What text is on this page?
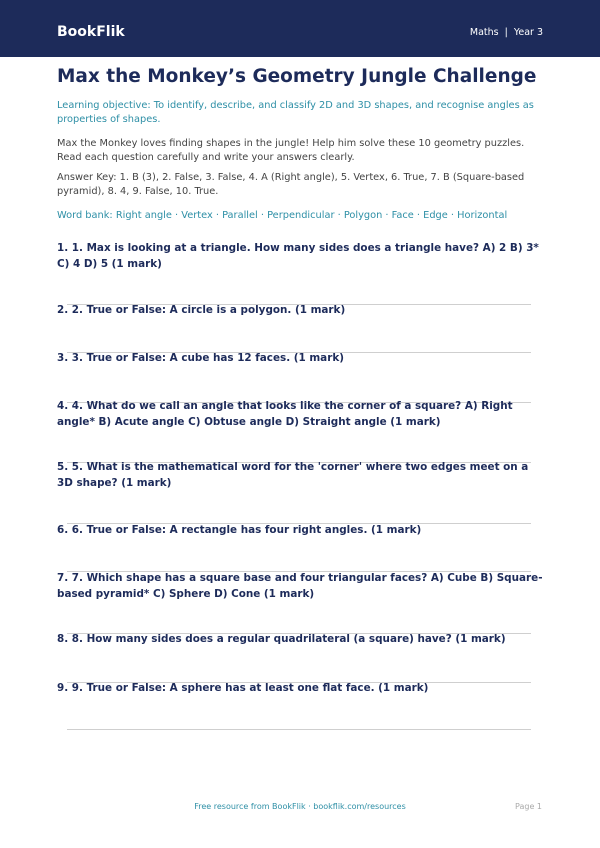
BookFlik	Maths | Year 3
Max the Monkey’s Geometry Jungle Challenge

Learning objective: To identify, describe, and classify 2D and 3D shapes, and recognise angles as properties of shapes.

Max the Monkey loves finding shapes in the jungle! Help him solve these 10 geometry puzzles. Read each question carefully and write your answers clearly.

Answer Key: 1. B (3), 2. False, 3. False, 4. A (Right angle), 5. Vertex, 6. True, 7. B (Square-based pyramid), 8. 4, 9. False, 10. True.

Word bank: Right angle · Vertex · Parallel · Perpendicular · Polygon · Face · Edge · Horizontal

1. 1. Max is looking at a triangle. How many sides does a triangle have? A) 2 B) 3* C) 4 D) 5 (1 mark)

2. 2. True or False: A circle is a polygon. (1 mark)

3. 3. True or False: A cube has 12 faces. (1 mark)

4. 4. What do we call an angle that looks like the corner of a square? A) Right angle* B) Acute angle C) Obtuse angle D) Straight angle (1 mark)

5. 5. What is the mathematical word for the 'corner' where two edges meet on a 3D shape? (1 mark)

6. 6. True or False: A rectangle has four right angles. (1 mark)

7. 7. Which shape has a square base and four triangular faces? A) Cube B) Square-based pyramid* C) Sphere D) Cone (1 mark)

8. 8. How many sides does a regular quadrilateral (a square) have? (1 mark)

9. 9. True or False: A sphere has at least one flat face. (1 mark)

Free resource from BookFlik · bookflik.com/resources	Page 1
